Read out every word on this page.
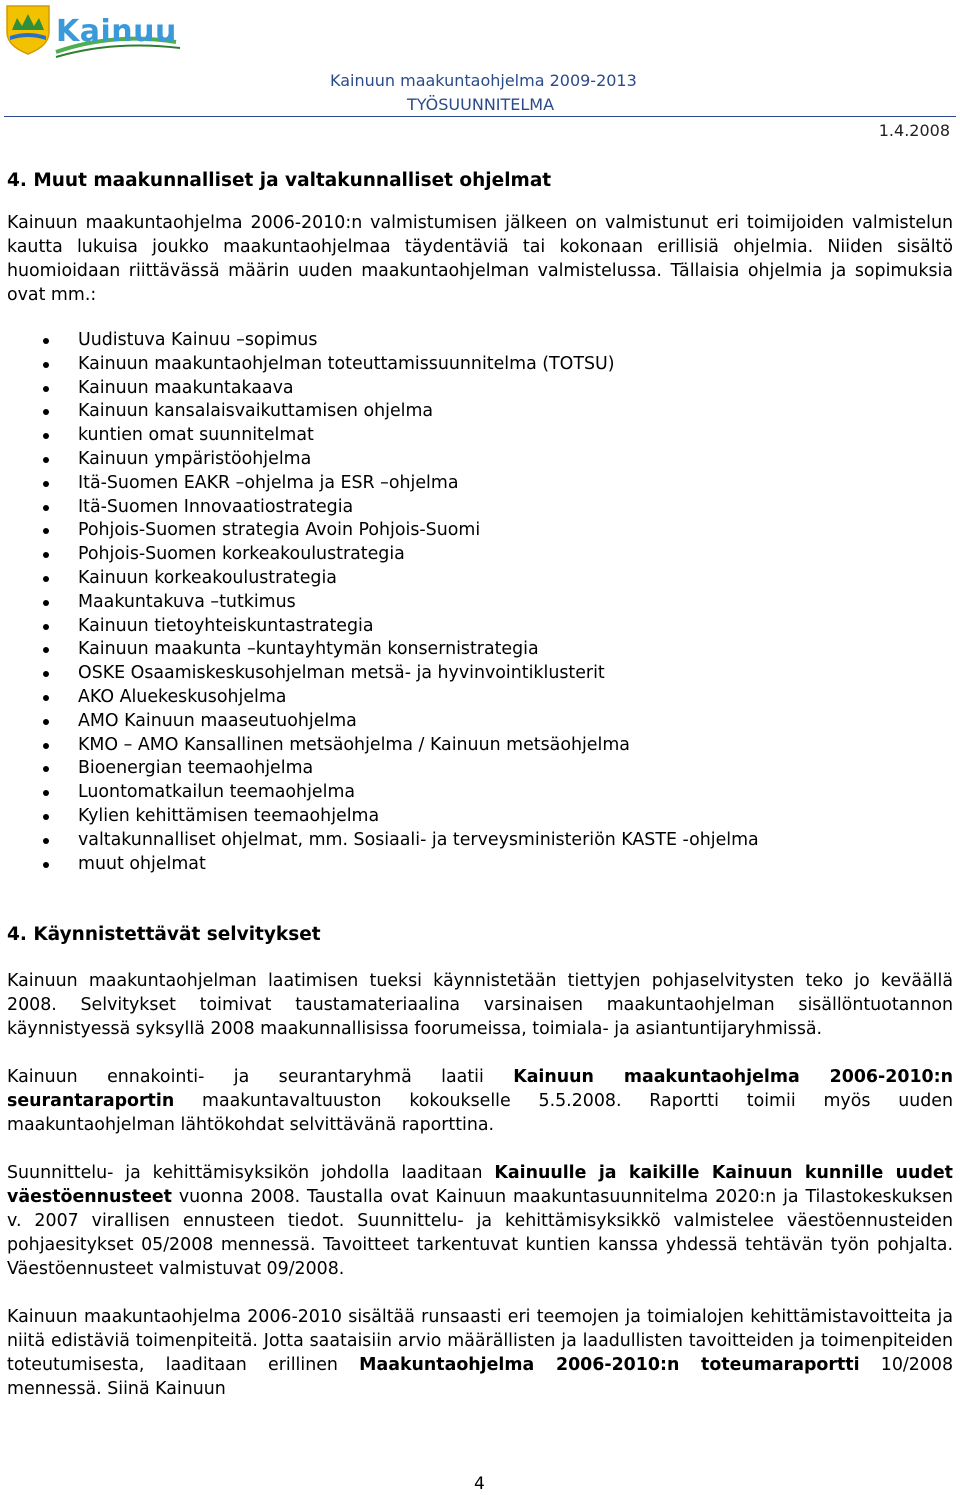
Kainuu
Kainuun maakuntaohjelma 2009-2013
TYÖSUUNNITELMA
1.4.2008
4. Muut maakunnalliset ja valtakunnalliset ohjelmat

Kainuun maakuntaohjelma 2006-2010:n valmistumisen jälkeen on valmistunut eri toimijoiden valmistelun kautta lukuisa joukko maakuntaohjelmaa täydentäviä tai kokonaan erillisiä ohjelmia. Niiden sisältö huomioidaan riittävässä määrin uuden maakuntaohjelman valmistelussa. Tällaisia ohjelmia ja sopimuksia ovat mm.:

Uudistuva Kainuu –sopimus
Kainuun maakuntaohjelman toteuttamissuunnitelma (TOTSU)
Kainuun maakuntakaava
Kainuun kansalaisvaikuttamisen ohjelma
kuntien omat suunnitelmat
Kainuun ympäristöohjelma
Itä-Suomen EAKR –ohjelma ja ESR –ohjelma
Itä-Suomen Innovaatiostrategia
Pohjois-Suomen strategia Avoin Pohjois-Suomi
Pohjois-Suomen korkeakoulustrategia
Kainuun korkeakoulustrategia
Maakuntakuva –tutkimus
Kainuun tietoyhteiskuntastrategia
Kainuun maakunta –kuntayhtymän konsernistrategia
OSKE Osaamiskeskusohjelman metsä- ja hyvinvointiklusterit
AKO Aluekeskusohjelma
AMO Kainuun maaseutuohjelma
KMO – AMO Kansallinen metsäohjelma / Kainuun metsäohjelma
Bioenergian teemaohjelma
Luontomatkailun teemaohjelma
Kylien kehittämisen teemaohjelma
valtakunnalliset ohjelmat, mm. Sosiaali- ja terveysministeriön KASTE -ohjelma
muut ohjelmat
4. Käynnistettävät selvitykset

Kainuun maakuntaohjelman laatimisen tueksi käynnistetään tiettyjen pohjaselvitysten teko jo keväällä 2008. Selvitykset toimivat taustamateriaalina varsinaisen maakuntaohjelman sisällöntuotannon käynnistyessä syksyllä 2008 maakunnallisissa foorumeissa, toimiala- ja asiantuntijaryhmissä.

Kainuun ennakointi- ja seurantaryhmä laatii Kainuun maakuntaohjelma 2006-2010:n seurantaraportin maakuntavaltuuston kokoukselle 5.5.2008. Raportti toimii myös uuden maakuntaohjelman lähtökohdat selvittävänä raporttina.

Suunnittelu- ja kehittämisyksikön johdolla laaditaan Kainuulle ja kaikille Kainuun kunnille uudet väestöennusteet vuonna 2008. Taustalla ovat Kainuun maakuntasuunnitelma 2020:n ja Tilastokeskuksen v. 2007 virallisen ennusteen tiedot. Suunnittelu- ja kehittämisyksikkö valmistelee väestöennusteiden pohjaesitykset 05/2008 mennessä. Tavoitteet tarkentuvat kuntien kanssa yhdessä tehtävän työn pohjalta. Väestöennusteet valmistuvat 09/2008.

Kainuun maakuntaohjelma 2006-2010 sisältää runsaasti eri teemojen ja toimialojen kehittämistavoitteita ja niitä edistäviä toimenpiteitä. Jotta saataisiin arvio määrällisten ja laadullisten tavoitteiden ja toimenpiteiden toteutumisesta, laaditaan erillinen Maakuntaohjelma 2006-2010:n toteumaraportti 10/2008 mennessä. Siinä Kainuun

4
